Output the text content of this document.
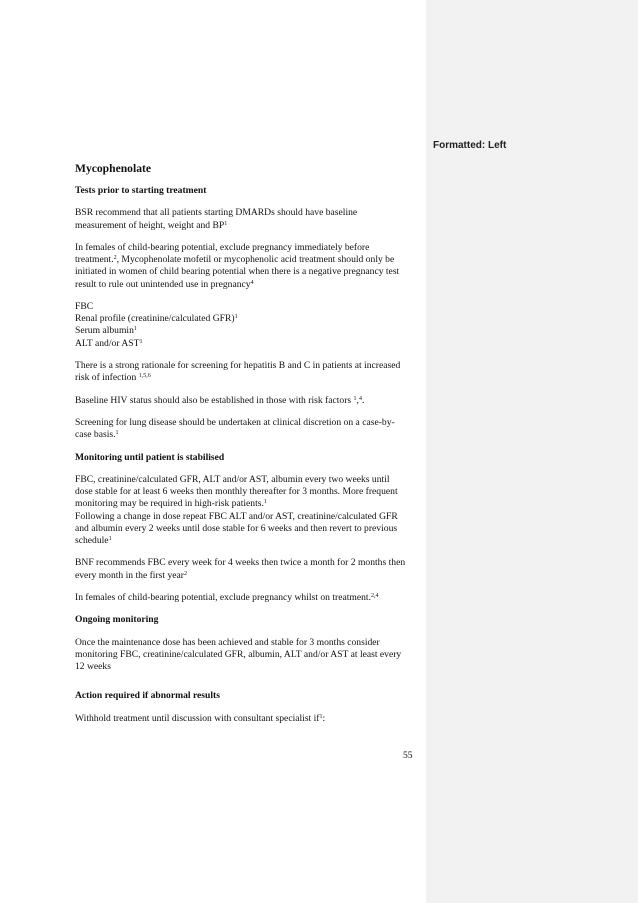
Formatted: Left
Mycophenolate
Tests prior to starting treatment

BSR recommend that all patients starting DMARDs should have baseline
measurement of height, weight and $BP^1$

In females of child-bearing potential, exclude pregnancy immediately before
treatment.$^2$, Mycophenolate mofetil or mycophenolic acid treatment should only be
initiated in women of child bearing potential when there is a negative pregnancy test
result to rule out unintended use in pregnancy$^4$

FBC
Renal profile (creatinine/calculated GFR)$^1$
Serum albumin$^1$
ALT and/or AST$^1$

There is a strong rationale for screening for hepatitis B and C in patients at increased
risk of infection $^{1,5,6}$

Baseline HIV status should also be established in those with risk factors $^1$,$^4$.

Screening for lung disease should be undertaken at clinical discretion on a case-by-
case basis.$^1$

Monitoring until patient is stabilised

FBC, creatinine/calculated GFR, ALT and/or AST, albumin every two weeks until
dose stable for at least 6 weeks then monthly thereafter for 3 months. More frequent
monitoring may be required in high-risk patients.$^1$
Following a change in dose repeat FBC ALT and/or AST, creatinine/calculated GFR
and albumin every 2 weeks until dose stable for 6 weeks and then revert to previous
schedule$^1$

BNF recommends FBC every week for 4 weeks then twice a month for 2 months then
every month in the first year$^2$

In females of child-bearing potential, exclude pregnancy whilst on treatment.$^{2,4}$

Ongoing monitoring

Once the maintenance dose has been achieved and stable for 3 months consider
monitoring FBC, creatinine/calculated GFR, albumin, ALT and/or AST at least every
12 weeks

Action required if abnormal results

Withhold treatment until discussion with consultant specialist $if^1$:

55
